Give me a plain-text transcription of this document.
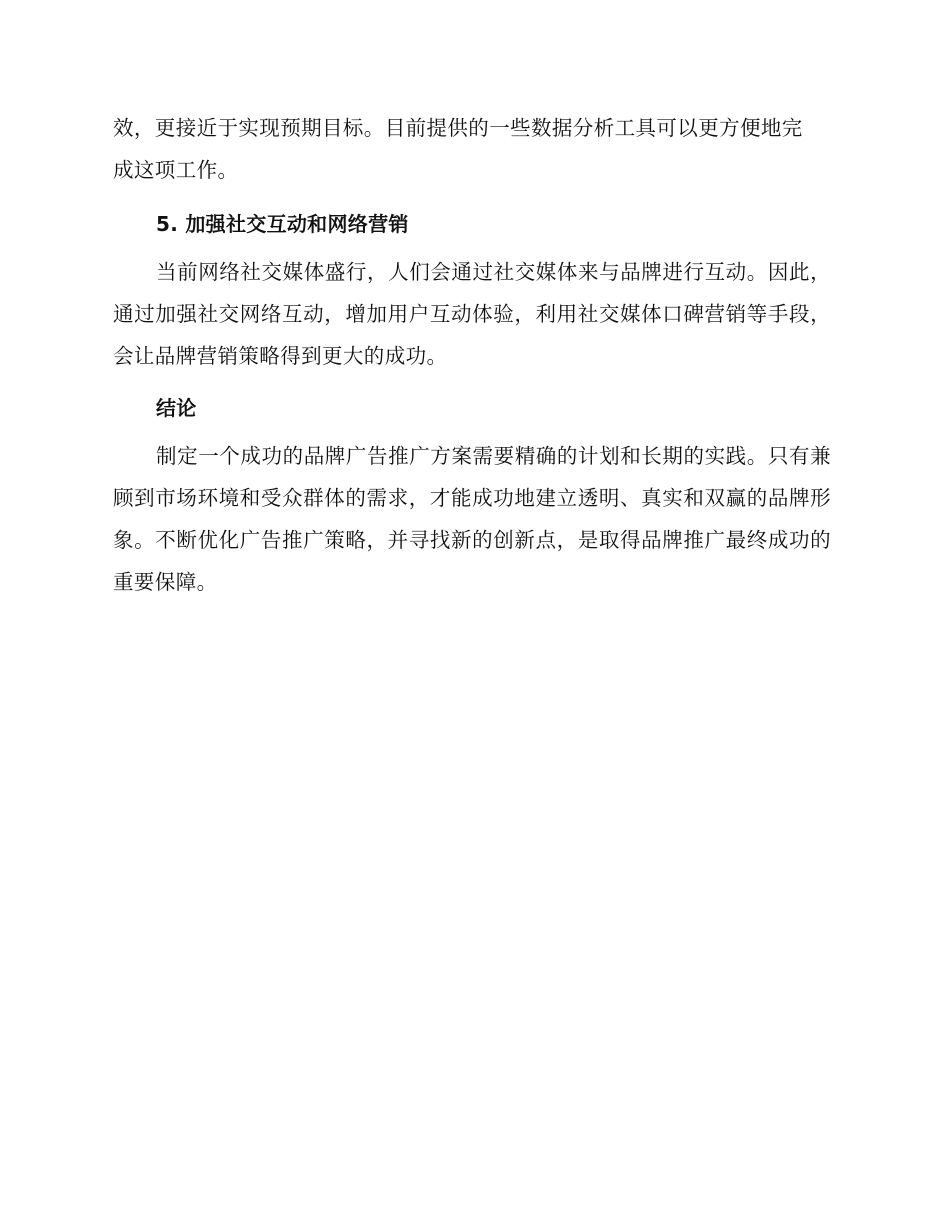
效，更接近于实现预期目标。目前提供的一些数据分析工具可以更方便地完
成这项工作。

5. 加强社交互动和网络营销

当前网络社交媒体盛行，人们会通过社交媒体来与品牌进行互动。因此，通过加强社交网络互动，增加用户互动体验，利用社交媒体口碑营销等手段，会让品牌营销策略得到更大的成功。

结论

制定一个成功的品牌广告推广方案需要精确的计划和长期的实践。只有兼顾到市场环境和受众群体的需求，才能成功地建立透明、真实和双赢的品牌形象。不断优化广告推广策略，并寻找新的创新点，是取得品牌推广最终成功的重要保障。
